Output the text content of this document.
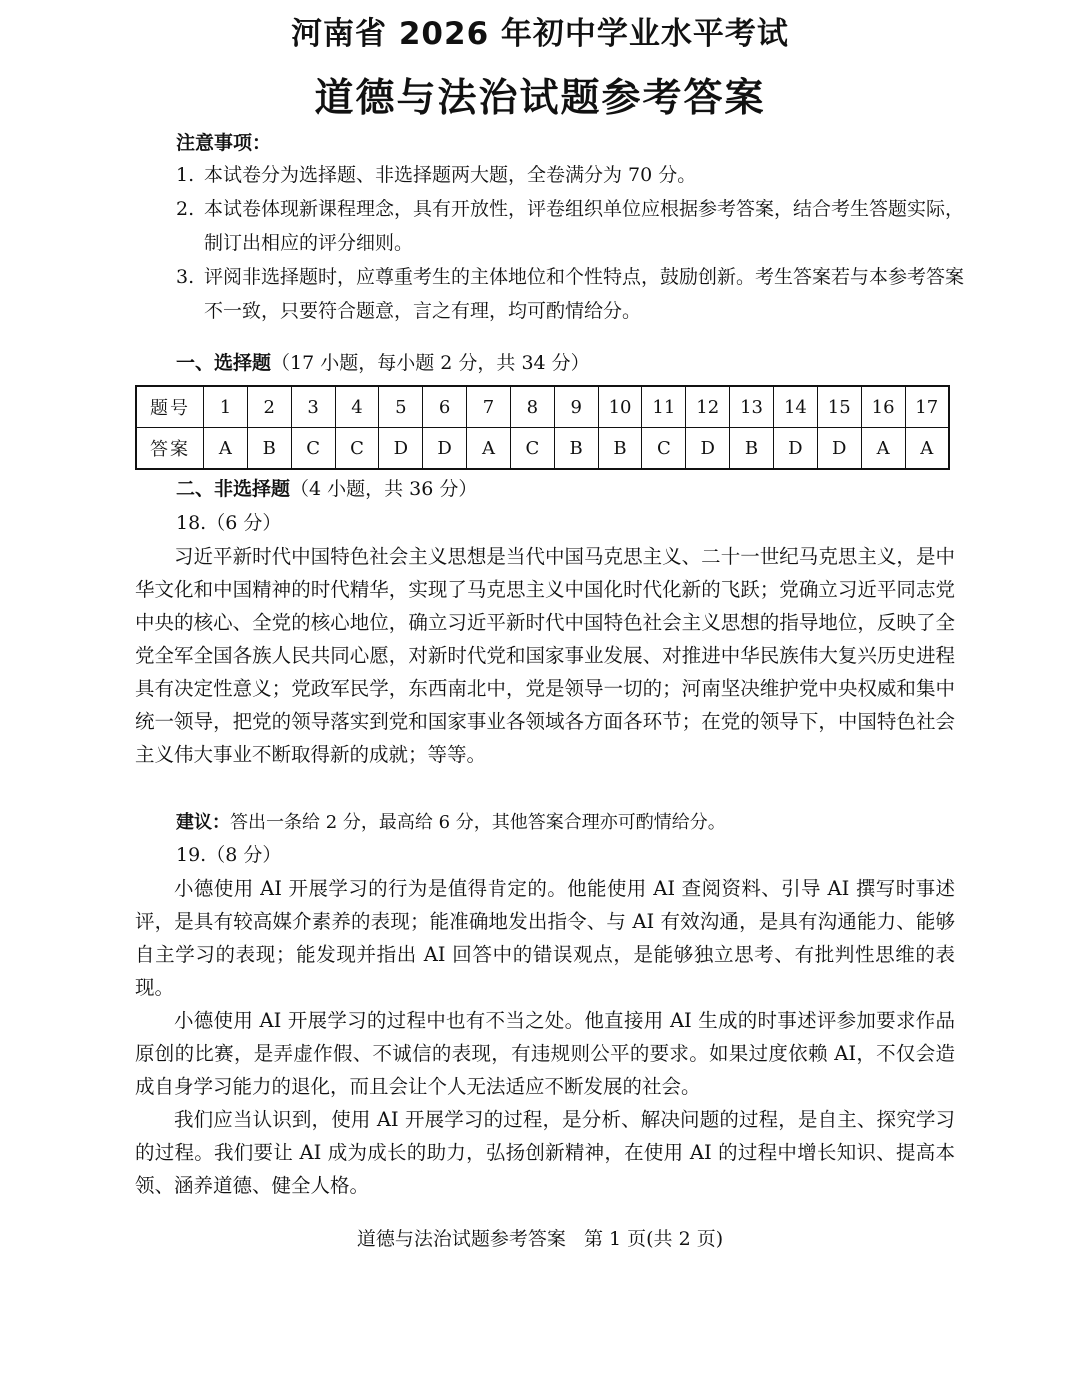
河南省 2026 年初中学业水平考试
道德与法治试题参考答案
注意事项：
1. 本试卷分为选择题、非选择题两大题，全卷满分为 70 分。
2. 本试卷体现新课程理念，具有开放性，评卷组织单位应根据参考答案，结合考生答题实际，制订出相应的评分细则。
3. 评阅非选择题时，应尊重考生的主体地位和个性特点，鼓励创新。考生答案若与本参考答案不一致，只要符合题意，言之有理，均可酌情给分。
一、选择题（17 小题，每小题 2 分，共 34 分）
题号	1	2	3	4	5	6	7	8	9	10	11	12	13	14	15	16	17
答案	A	B	C	C	D	D	A	C	B	B	C	D	B	D	D	A	A
二、非选择题（4 小题，共 36 分）
18.（6 分）

习近平新时代中国特色社会主义思想是当代中国马克思主义、二十一世纪马克思主义，是中华文化和中国精神的时代精华，实现了马克思主义中国化时代化新的飞跃；党确立习近平同志党中央的核心、全党的核心地位，确立习近平新时代中国特色社会主义思想的指导地位，反映了全党全军全国各族人民共同心愿，对新时代党和国家事业发展、对推进中华民族伟大复兴历史进程具有决定性意义；党政军民学，东西南北中，党是领导一切的；河南坚决维护党中央权威和集中统一领导，把党的领导落实到党和国家事业各领域各方面各环节；在党的领导下，中国特色社会主义伟大事业不断取得新的成就；等等。

建议：答出一条给 2 分，最高给 6 分，其他答案合理亦可酌情给分。
19.（8 分）

小德使用 AI 开展学习的行为是值得肯定的。他能使用 AI 查阅资料、引导 AI 撰写时事述评，是具有较高媒介素养的表现；能准确地发出指令、与 AI 有效沟通，是具有沟通能力、能够自主学习的表现；能发现并指出 AI 回答中的错误观点，是能够独立思考、有批判性思维的表现。

小德使用 AI 开展学习的过程中也有不当之处。他直接用 AI 生成的时事述评参加要求作品原创的比赛，是弄虚作假、不诚信的表现，有违规则公平的要求。如果过度依赖 AI，不仅会造成自身学习能力的退化，而且会让个人无法适应不断发展的社会。

我们应当认识到，使用 AI 开展学习的过程，是分析、解决问题的过程，是自主、探究学习的过程。我们要让 AI 成为成长的助力，弘扬创新精神，在使用 AI 的过程中增长知识、提高本领、涵养道德、健全人格。

道德与法治试题参考答案   第 1 页(共 2 页)
